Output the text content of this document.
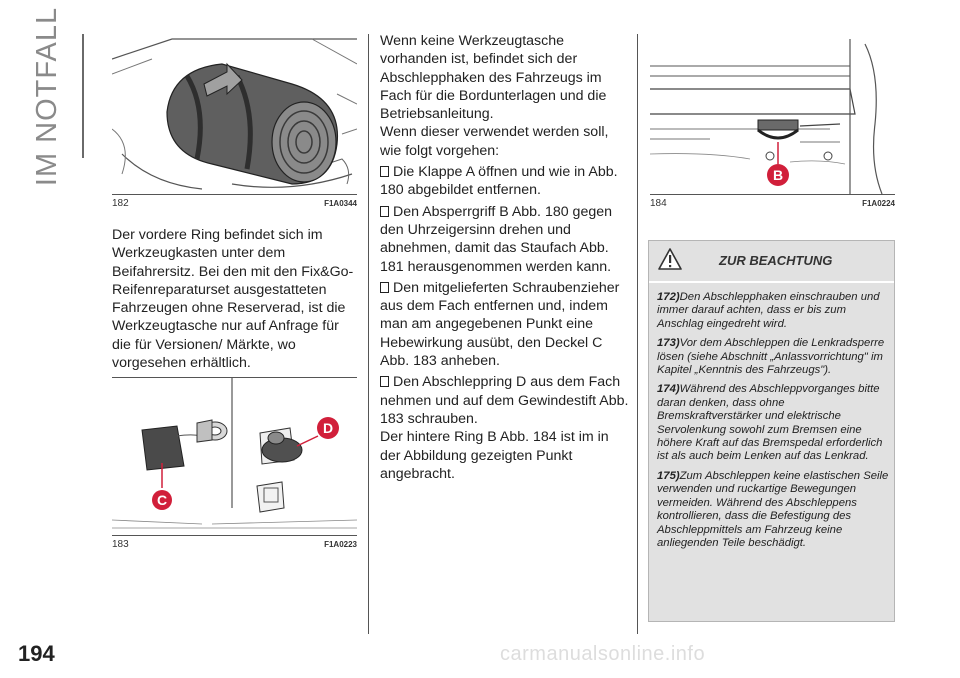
IM NOTFALL
182	F1A0344

Der vordere Ring befindet sich im Werkzeugkasten unter dem Beifahrersitz. Bei den mit den Fix&Go-Reifenreparaturset ausgestatteten Fahrzeugen ohne Reserverad, ist die Werkzeugtasche nur auf Anfrage für die für Versionen/ Märkte, wo vorgesehen erhältlich.

C
D
183	F1A0223

Wenn keine Werkzeugtasche vorhanden ist, befindet sich der Abschlepphaken des Fahrzeugs im Fach für die Bordunterlagen und die Betriebsanleitung.

Wenn dieser verwendet werden soll, wie folgt vorgehen:

Die Klappe A öffnen und wie in Abb. 180 abgebildet entfernen.

Den Absperrgriff B Abb. 180 gegen den Uhrzeigersinn drehen und abnehmen, damit das Staufach Abb. 181 herausgenommen werden kann.

Den mitgelieferten Schraubenzieher aus dem Fach entfernen und, indem man am angegebenen Punkt eine Hebewirkung ausübt, den Deckel C Abb. 183 anheben.

Den Abschleppring D aus dem Fach nehmen und auf dem Gewindestift Abb. 183 schrauben.

Der hintere Ring B Abb. 184 ist im in der Abbildung gezeigten Punkt angebracht.

B
184	F1A0224
ZUR BEACHTUNG

172)Den Abschlepphaken einschrauben und immer darauf achten, dass er bis zum Anschlag eingedreht wird.

173)Vor dem Abschleppen die Lenkradsperre lösen (siehe Abschnitt „Anlassvorrichtung" im Kapitel „Kenntnis des Fahrzeugs").

174)Während des Abschleppvorganges bitte daran denken, dass ohne Bremskraftverstärker und elektrische Servolenkung sowohl zum Bremsen eine höhere Kraft auf das Bremspedal erforderlich ist als auch beim Lenken auf das Lenkrad.

175)Zum Abschleppen keine elastischen Seile verwenden und ruckartige Bewegungen vermeiden. Während des Abschleppens kontrollieren, dass die Befestigung des Abschleppmittels am Fahrzeug keine anliegenden Teile beschädigt.

194	carmanualsonline.info
